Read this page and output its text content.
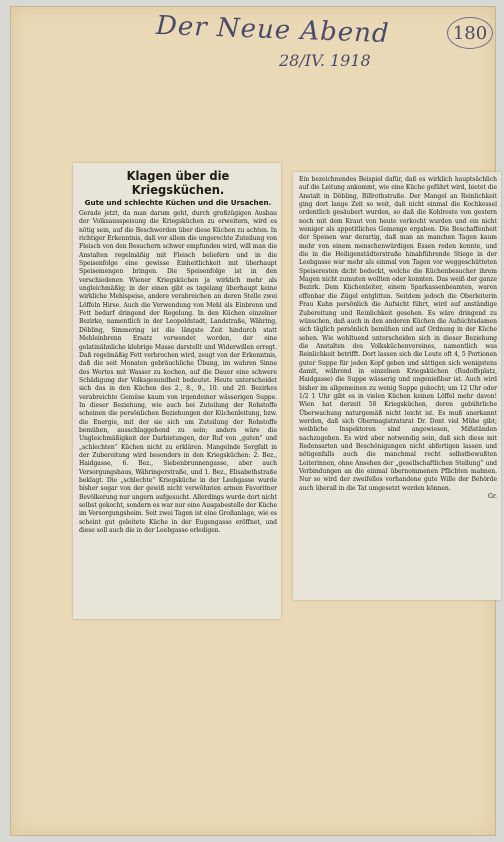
Der Neue Abend
28/IV. 1918
180
Klagen über die Kriegsküchen.
Gute und schlechte Küchen und die Ursachen.

Gerade jetzt, da man darum geht, durch großzügigen Ausbau der Volksausspeisung die Kriegsküchen zu erweitern, wird es nötig sein, auf die Beschwerden über diese Küchen zu achten. In richtiger Erkenntnis, daß vor allem die ungerechte Zuteilung von Fleisch von den Besuchern schwer empfunden wird, will man die Anstalten regelmäßig mit Fleisch beliefern und in die Speisenfolge eine gewisse Einheitlichkeit mit überhaupt Speisemengen bringen. Die Speisenfolge ist in den verschiedenen Wiener Kriegsküchen ja wirklich mehr als ungleichmäßig; in der einen gibt es tagelang überhaupt keine wirkliche Mehlspeise, andere verabreichen an deren Stelle zwei Löffeln Hirse. Auch die Verwendung von Mehl als Einbrenn und Fett bedarf dringend der Regelung. In den Küchen einzelner Bezirke, namentlich in der Leopoldstadt, Landstraße, Währing, Döbling, Simmering ist die längste Zeit hindurch statt Mehleinbrenn Ersatz verwendet worden, der eine gelatinähnliche klebrige Masse darstellt und Widerwillen erregt. Daß regelmäßig Fett verbrochen wird, zeugt von der Erkenntnis, daß die seit Monaten gebräuchliche Übung, im wahren Sinne des Wortes mit Wasser zu kochen, auf die Dauer eine schwere Schädigung der Volksgesundheit bedeutet. Heute unterscheidet sich das in den Küchen des 2., 8., 9., 10. und 20. Bezirkes verabreichte Gemüse kaum von irgendeiner wässerigen Suppe. In dieser Beziehung, wie auch bei Zuteilung der Rohstoffe scheinen die persönlichen Beziehungen der Küchenleitung, bzw. die Energie, mit der sie sich um Zuteilung der Rohstoffe bemühen, ausschlaggebend zu sein; anders wäre die Ungleichmäßigkeit der Darbietungen, der Ruf von „guten“ und „schlechten“ Küchen nicht zu erklären. Mangelnde Sorgfalt in der Zubereitung wird besonders in den Kriegsküchen: 2. Bez., Haidgasse, 6. Bez., Siebenbrunnengasse, aber auch Versorgungshaus, Währingerstraße, und 1. Bez., Elisabethstraße beklagt. Die „schlechte“ Kriegsküche in der Leebgasse wurde bisher sogar von der gewiß nicht verwöhnten armen Favoritner Bevölkerung nur ungern aufgesucht. Allerdings wurde dort nicht selbst gekocht, sondern es war nur eine Ausgabestelle der Küche im Versorgungsheim. Seit zwei Tagen ist eine Großanlage, wie es scheint gut geleitete Küche in der Eugengasse eröffnet, und diese soll auch die in der Leebgasse erledigen.

Ein bezeichnendes Beispiel dafür, daß es wirklich hauptsächlich auf die Leitung ankommt, wie eine Küche geführt wird, bietet die Anstalt in Döbling, Billrothstraße. Der Mangel an Reinlichkeit ging dort lange Zeit so weit, daß nicht einmal die Kochkessel ordentlich gesäubert wurden, so daß die Kohlreste von gestern noch mit dem Kraut von heute verkocht wurden und ein nicht weniger als appetitliches Gemenge ergaben. Die Beschaffenheit der Speisen war derartig, daß man an manchen Tagen kaum mehr von einem menschenwürdigen Essen reden konnte, und die in die Heiligenstädterstraße hinabführende Stiege in der Leebgasse war mehr als einmal von Tagen vor weggeschütteten Speiseresten dicht bedeckt, welche die Küchenbesucher ihrem Magen nicht zumuten wollten oder konnten. Das weiß der ganze Bezirk. Dem Küchenleiter, einem Sparkassenbeamten, waren offenbar die Zügel entglitten. Seitdem jedoch die Oberleiterin Frau Kuhn persönlich die Aufsicht führt, wird auf anständige Zubereitung und Reinlichkeit gesehen. Es wäre dringend zu wünschen, daß auch in den anderen Küchen die Aufsichtsdamen sich täglich persönlich bemühen und auf Ordnung in der Küche sehen. Wie wohltuend unterscheiden sich in dieser Beziehung die Anstalten des Volksküchenvereines, namentlich was Reinlichkeit betrifft. Dort lassen sich die Leute oft 4, 5 Portionen guter Suppe für jeden Kopf geben und sättigen sich wenigstens damit, während in einzelnen Kriegsküchen (Rudolfsplatz, Haidgasse) die Suppe wässerig und ungenießbar ist. Auch wird bisher im allgemeinen zu wenig Suppe gekocht; um 12 Uhr oder 1/2 1 Uhr gibt es in vielen Küchen keinen Löffel mehr davon! Wien hat derzeit 58 Kriegsküchen, deren gebührliche Überwachung naturgemäß nicht leicht ist. Es muß anerkannt werden, daß sich Obermagistratsrat Dr. Dont viel Mühe gibt; weibliche Inspektoren sind angewiesen, Mißständen nachzugehen. Es wird aber notwendig sein, daß sich diese mit Redensarten und Beschönigungen nicht abfertigen lassen und nötigenfalls auch die manchmal recht selbstbewußten Leiterinnen, ohne Ansehen der „gesellschaftlichen Stellung“ und Verbindungen an die einmal übernommenen Pflichten mahnen. Nur so wird der zweifellos vorhandene gute Wille der Behörde auch überall in die Tat umgesetzt werden können.

Gr.
